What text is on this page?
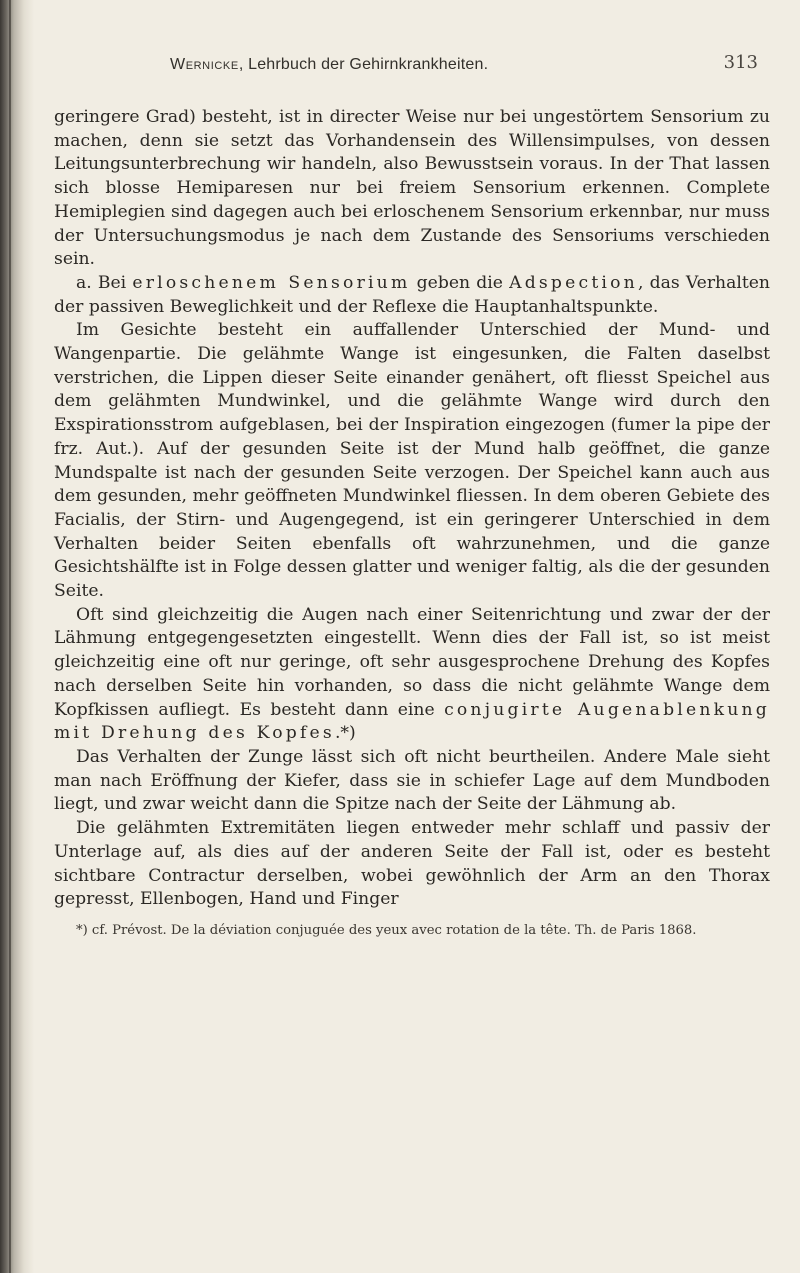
Wernicke, Lehrbuch der Gehirnkrankheiten.	313

geringere Grad) besteht, ist in directer Weise nur bei ungestörtem Sensorium zu machen, denn sie setzt das Vorhandensein des Willensimpulses, von dessen Leitungsunterbrechung wir handeln, also Bewusstsein voraus. In der That lassen sich blosse Hemiparesen nur bei freiem Sensorium erkennen. Complete Hemiplegien sind dagegen auch bei erloschenem Sensorium erkennbar, nur muss der Untersuchungsmodus je nach dem Zustande des Sensoriums verschieden sein.

a. Bei erloschenem Sensorium geben die Adspection, das Verhalten der passiven Beweglichkeit und der Reflexe die Hauptanhaltspunkte.

Im Gesichte besteht ein auffallender Unterschied der Mund- und Wangenpartie. Die gelähmte Wange ist eingesunken, die Falten daselbst verstrichen, die Lippen dieser Seite einander genähert, oft fliesst Speichel aus dem gelähmten Mundwinkel, und die gelähmte Wange wird durch den Exspirationsstrom aufgeblasen, bei der Inspiration eingezogen (fumer la pipe der frz. Aut.). Auf der gesunden Seite ist der Mund halb geöffnet, die ganze Mundspalte ist nach der gesunden Seite verzogen. Der Speichel kann auch aus dem gesunden, mehr geöffneten Mundwinkel fliessen. In dem oberen Gebiete des Facialis, der Stirn- und Augengegend, ist ein geringerer Unterschied in dem Verhalten beider Seiten ebenfalls oft wahrzunehmen, und die ganze Gesichtshälfte ist in Folge dessen glatter und weniger faltig, als die der gesunden Seite.

Oft sind gleichzeitig die Augen nach einer Seitenrichtung und zwar der der Lähmung entgegengesetzten eingestellt. Wenn dies der Fall ist, so ist meist gleichzeitig eine oft nur geringe, oft sehr ausgesprochene Drehung des Kopfes nach derselben Seite hin vorhanden, so dass die nicht gelähmte Wange dem Kopfkissen aufliegt. Es besteht dann eine conjugirte Augenablenkung mit Drehung des Kopfes.*)

Das Verhalten der Zunge lässt sich oft nicht beurtheilen. Andere Male sieht man nach Eröffnung der Kiefer, dass sie in schiefer Lage auf dem Mundboden liegt, und zwar weicht dann die Spitze nach der Seite der Lähmung ab.

Die gelähmten Extremitäten liegen entweder mehr schlaff und passiv der Unterlage auf, als dies auf der anderen Seite der Fall ist, oder es besteht sichtbare Contractur derselben, wobei gewöhnlich der Arm an den Thorax gepresst, Ellenbogen, Hand und Finger

*) cf. Prévost. De la déviation conjuguée des yeux avec rotation de la tête. Th. de Paris 1868.
